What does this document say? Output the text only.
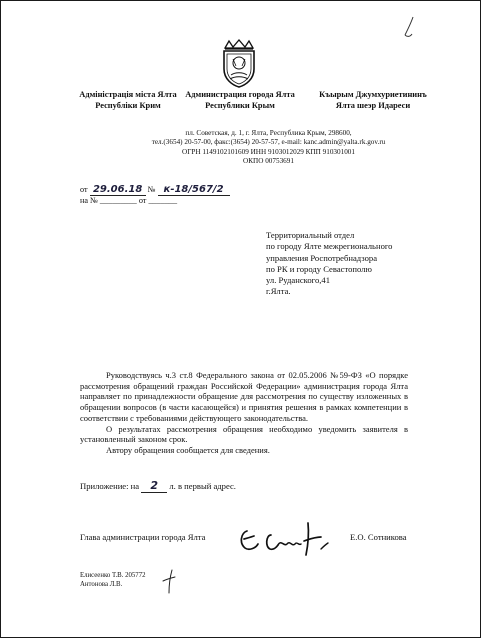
Адміністрація міста Ялта
Республіки Крим
Администрация города Ялта
Республики Крым
Къырым Джумхуриетининъ
Ялта шеэр Идареси
пл. Советская, д. 1, г. Ялта, Республика Крым, 298600,
тел.(3654) 20-57-00, факс:(3654) 20-57-57, e-mail: kanc.admin@yalta.rk.gov.ru
ОГРН 1149102101609 ИНН 9103012029 КПП 910301001
ОКПО 00753691
от 29.06.18 № к-18/567/2
на № _________ от _______
Территориальный отдел
по городу Ялте межрегионального
управления Роспотребнадзора
по РК и городу Севастополю
ул. Руданского,41
г.Ялта.

Руководствуясь ч.3 ст.8 Федерального закона от 02.05.2006 №59-ФЗ «О порядке рассмотрения обращений граждан Российской Федерации» администрация города Ялта направляет по принадлежности обращение для рассмотрения по существу изложенных в обращении вопросов (в части касающейся) и принятия решения в рамках компетенции в соответствии с требованиями действующего законодательства.

О результатах рассмотрения обращения необходимо уведомить заявителя в установленный законом срок.

Автору обращения сообщается для сведения.

Приложение: на 2 л. в первый адрес.
Глава администрации города Ялта	Е.О. Сотникова
Елисеенко Т.В. 205772
Антонова Л.В.
